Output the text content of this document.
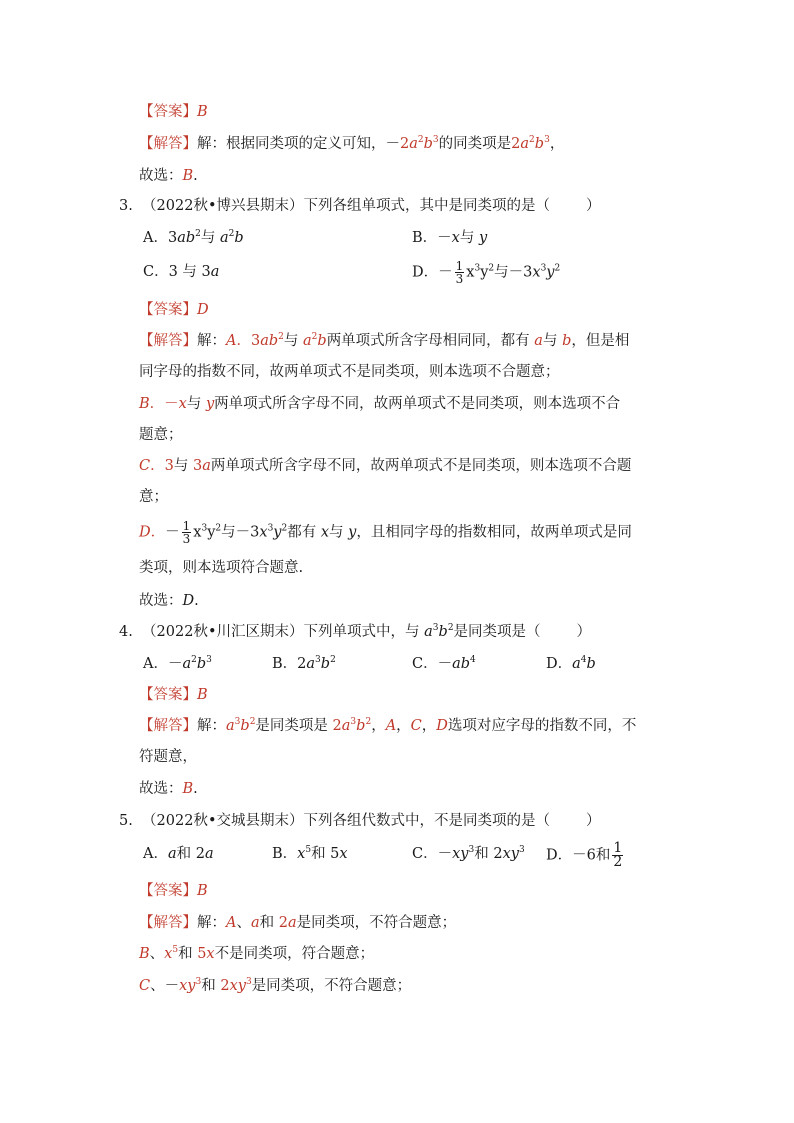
【答案】B
【解答】解：根据同类项的定义可知，$-2a^2b^3$的同类项是$2a^2b^3$，
故选：B.
3.  （2022秋•博兴县期末）下列各组单项式，其中是同类项的是（ ）
A．$3ab^2$与 $a^2b$	B．－x与 y
C．3 与 3a	D．－ $\frac{1}{3} x^3y^2$与$-3x^3y^2$
【答案】D
【解答】解：A．$3ab^2$与 $a^2b$两单项式所含字母相同同，都有 a与 b，但是相
同字母的指数不同，故两单项式不是同类项，则本选项不合题意；
B．－x与 y两单项式所含字母不同，故两单项式不是同类项，则本选项不合
题意；
C．3与 3a两单项式所含字母不同，故两单项式不是同类项，则本选项不合题
意；
D．－ $\frac{1}{3} x^3y^2$与$-3x^3y^2$都有 x与 y，且相同字母的指数相同，故两单项式是同
类项，则本选项符合题意.
故选：D.
4.  （2022秋•川汇区期末）下列单项式中，与 $a^3b^2$是同类项是（ ）
A．$-a^2b^3$	B．$2a^3b^2$	C．$-ab^4$	D．$a^4b$
【答案】B
【解答】解：$a^3b^2$是同类项是 $2a^3b^2$，A，C，D选项对应字母的指数不同，不
符题意，
故选：B.
5.  （2022秋•交城县期末）下列各组代数式中，不是同类项的是（ ）
A．a和 2a	B．$x^5$和 5x	C．$-xy^3$和 $2xy^3$ D．－6和 $\frac{1}{2}$
【答案】B
【解答】解：A、a和 2a是同类项，不符合题意；
B、$x^5$和 5x不是同类项，符合题意；
C、$-xy^3$和 $2xy^3$是同类项，不符合题意；
